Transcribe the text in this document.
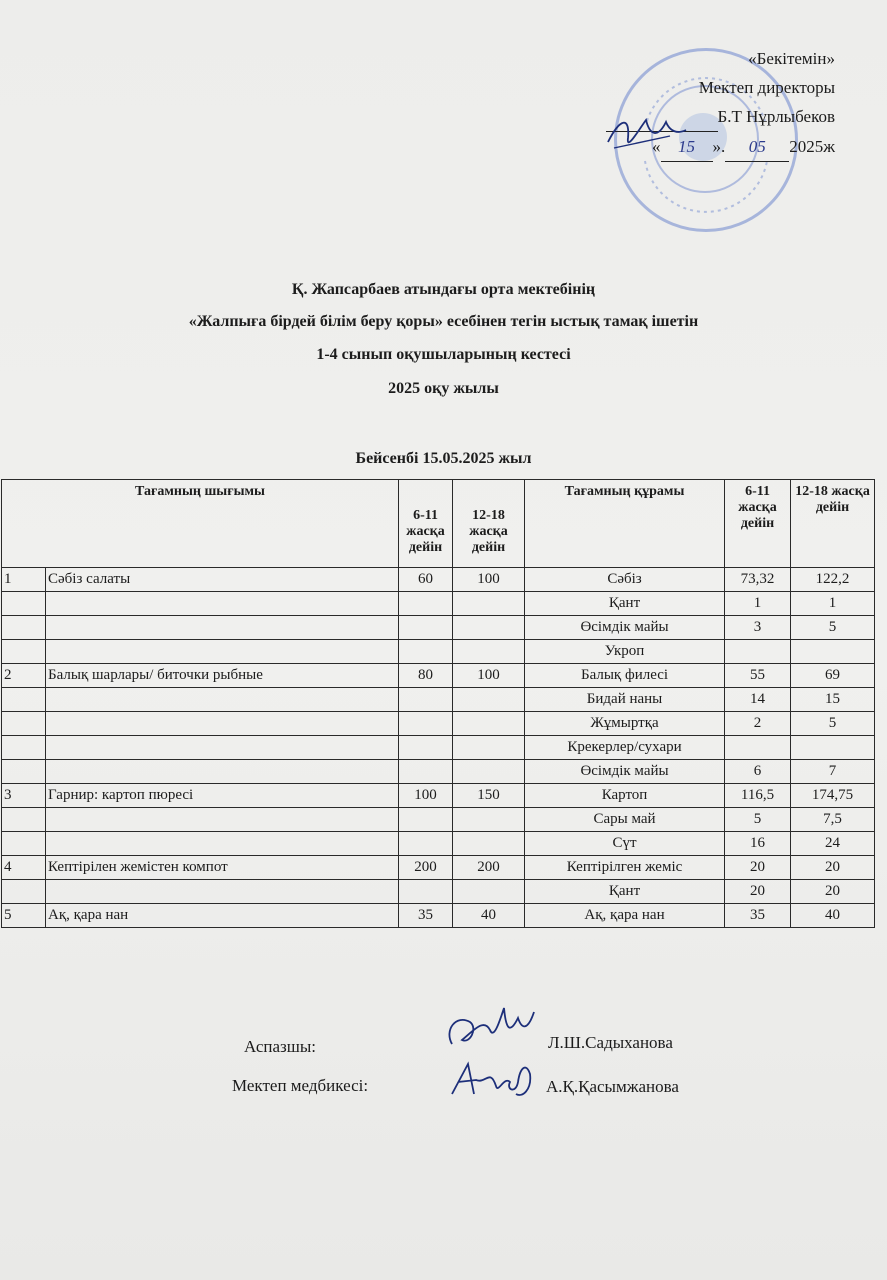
«Бекітемін»
Мектеп директоры
Б.Т Нұрлыбеков
« 15 ». 05 2025ж
Қ. Жапсарбаев атындағы орта мектебінің
«Жалпыға бірдей білім беру қоры» есебінен тегін ыстық тамақ ішетін
1-4 сынып оқушыларының кестесі
2025 оқу жылы
Бейсенбі 15.05.2025 жыл
Тағамның шығымы		6-11 жасқа дейін	12-18 жасқа дейін	Тағамның құрамы	6-11 жасқа дейін	12-18 жасқа дейін
1	Сәбіз салаты	60	100	Сәбіз	73,32	122,2
				Қант	1	1
				Өсімдік майы	3	5
				Укроп		
2	Балық шарлары/ биточки рыбные	80	100	Балық филесі	55	69
				Бидай наны	14	15
				Жұмыртқа	2	5
				Крекерлер/сухари		
				Өсімдік майы	6	7
3	Гарнир: картоп пюресі	100	150	Картоп	116,5	174,75
				Сары май	5	7,5
				Сүт	16	24
4	Кептірілен жемістен компот	200	200	Кептірілген жеміс	20	20
				Қант	20	20
5	Ақ, қара нан	35	40	Ақ, қара нан	35	40
Аспазшы:	Л.Ш.Садыханова
Мектеп медбикесі:	А.Қ.Қасымжанова
